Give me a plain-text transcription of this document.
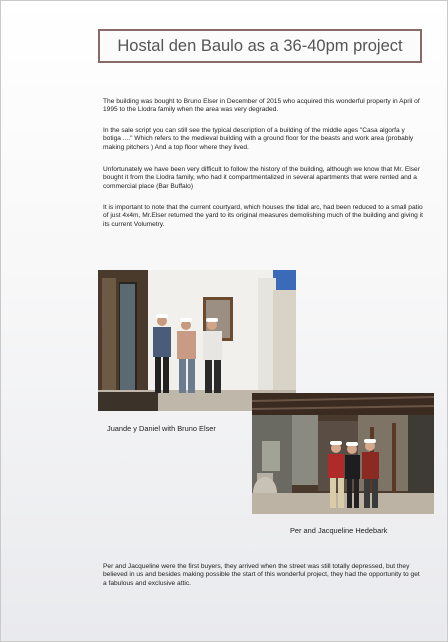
Hostal den Baulo as a 36-40pm project

The building was bought to Bruno Elser in December of 2015 who acquired this wonderful property in April of 1995 to the Llodra family when the area was very degraded.

In the sale script you can still see the typical description of a building of the middle ages "Casa algorfa y botiga ...." Which refers to the medieval building with a ground floor for the beasts and work area (probably making pitchers ) And a top floor where they lived.

Unfortunately we have been very difficult to follow the history of the building, although we know that Mr. Elser bought it from the Llodra family, who had it compartmentalized in several apartments that were rented and a commercial place (Bar Buffalo)

It is important to note that the current courtyard, which houses the tidal arc, had been reduced to a small patio of just 4x4m, Mr.Elser returned the yard to its original measures demolishing much of the building and giving it its current Volumetry.

Juande y Daniel with Bruno Elser
Per and Jacqueline Hedebark

Per and Jacqueline were the first buyers, they arrived when the street was still totally depressed, but they believed in us and besides making possible the start of this wonderful project, they had the opportunity to get a fabulous and exclusive attic.
